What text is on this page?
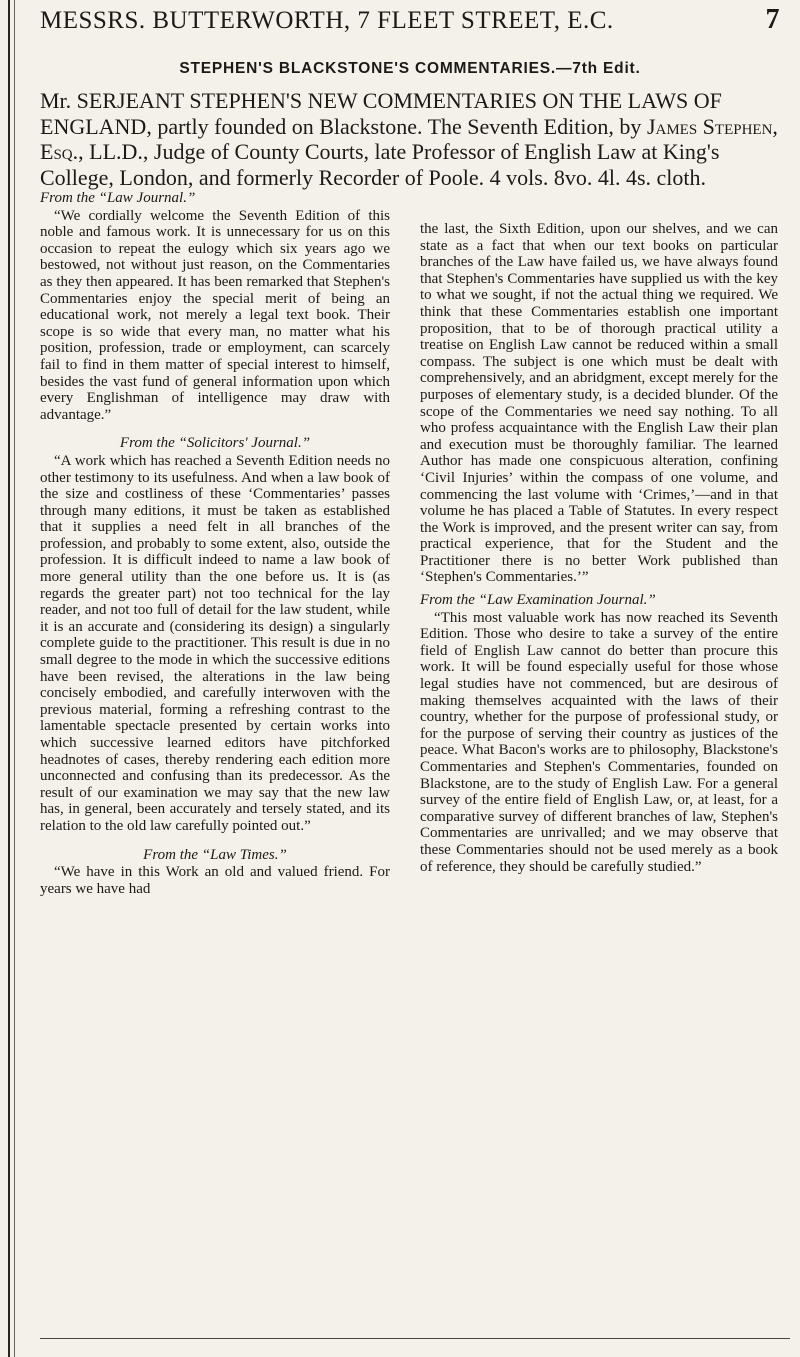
MESSRS. BUTTERWORTH, 7 FLEET STREET, E.C.	7
STEPHEN'S BLACKSTONE'S COMMENTARIES.—7th Edit.
Mr. SERJEANT STEPHEN'S NEW COMMENTARIES ON THE LAWS OF ENGLAND, partly founded on Blackstone. The Seventh Edition, by James Stephen, Esq., LL.D., Judge of County Courts, late Professor of English Law at King's College, London, and formerly Recorder of Poole. 4 vols. 8vo. 4l. 4s. cloth.

From the “Law Journal.”

“We cordially welcome the Seventh Edition of this noble and famous work. It is unnecessary for us on this occasion to repeat the eulogy which six years ago we bestowed, not without just reason, on the Commentaries as they then appeared. It has been remarked that Stephen's Commentaries enjoy the special merit of being an educational work, not merely a legal text book. Their scope is so wide that every man, no matter what his position, profession, trade or employment, can scarcely fail to find in them matter of special interest to himself, besides the vast fund of general information upon which every Englishman of intelligence may draw with advantage.”

From the “Solicitors' Journal.”

“A work which has reached a Seventh Edition needs no other testimony to its usefulness. And when a law book of the size and costliness of these ‘Commentaries’ passes through many editions, it must be taken as established that it supplies a need felt in all branches of the profession, and probably to some extent, also, outside the profession. It is difficult indeed to name a law book of more general utility than the one before us. It is (as regards the greater part) not too technical for the lay reader, and not too full of detail for the law student, while it is an accurate and (considering its design) a singularly complete guide to the practitioner. This result is due in no small degree to the mode in which the successive editions have been revised, the alterations in the law being concisely embodied, and carefully interwoven with the previous material, forming a refreshing contrast to the lamentable spectacle presented by certain works into which successive learned editors have pitchforked headnotes of cases, thereby rendering each edition more unconnected and confusing than its predecessor. As the result of our examination we may say that the new law has, in general, been accurately and tersely stated, and its relation to the old law carefully pointed out.”

From the “Law Times.”

“We have in this Work an old and valued friend. For years we have had

the last, the Sixth Edition, upon our shelves, and we can state as a fact that when our text books on particular branches of the Law have failed us, we have always found that Stephen's Commentaries have supplied us with the key to what we sought, if not the actual thing we required. We think that these Commentaries establish one important proposition, that to be of thorough practical utility a treatise on English Law cannot be reduced within a small compass. The subject is one which must be dealt with comprehensively, and an abridgment, except merely for the purposes of elementary study, is a decided blunder. Of the scope of the Commentaries we need say nothing. To all who profess acquaintance with the English Law their plan and execution must be thoroughly familiar. The learned Author has made one conspicuous alteration, confining ‘Civil Injuries’ within the compass of one volume, and commencing the last volume with ‘Crimes,’—and in that volume he has placed a Table of Statutes. In every respect the Work is improved, and the present writer can say, from practical experience, that for the Student and the Practitioner there is no better Work published than ‘Stephen's Commentaries.’”

From the “Law Examination Journal.”

“This most valuable work has now reached its Seventh Edition. Those who desire to take a survey of the entire field of English Law cannot do better than procure this work. It will be found especially useful for those whose legal studies have not commenced, but are desirous of making themselves acquainted with the laws of their country, whether for the purpose of professional study, or for the purpose of serving their country as justices of the peace. What Bacon's works are to philosophy, Blackstone's Commentaries and Stephen's Commentaries, founded on Blackstone, are to the study of English Law. For a general survey of the entire field of English Law, or, at least, for a comparative survey of different branches of law, Stephen's Commentaries are unrivalled; and we may observe that these Commentaries should not be used merely as a book of reference, they should be carefully studied.”
